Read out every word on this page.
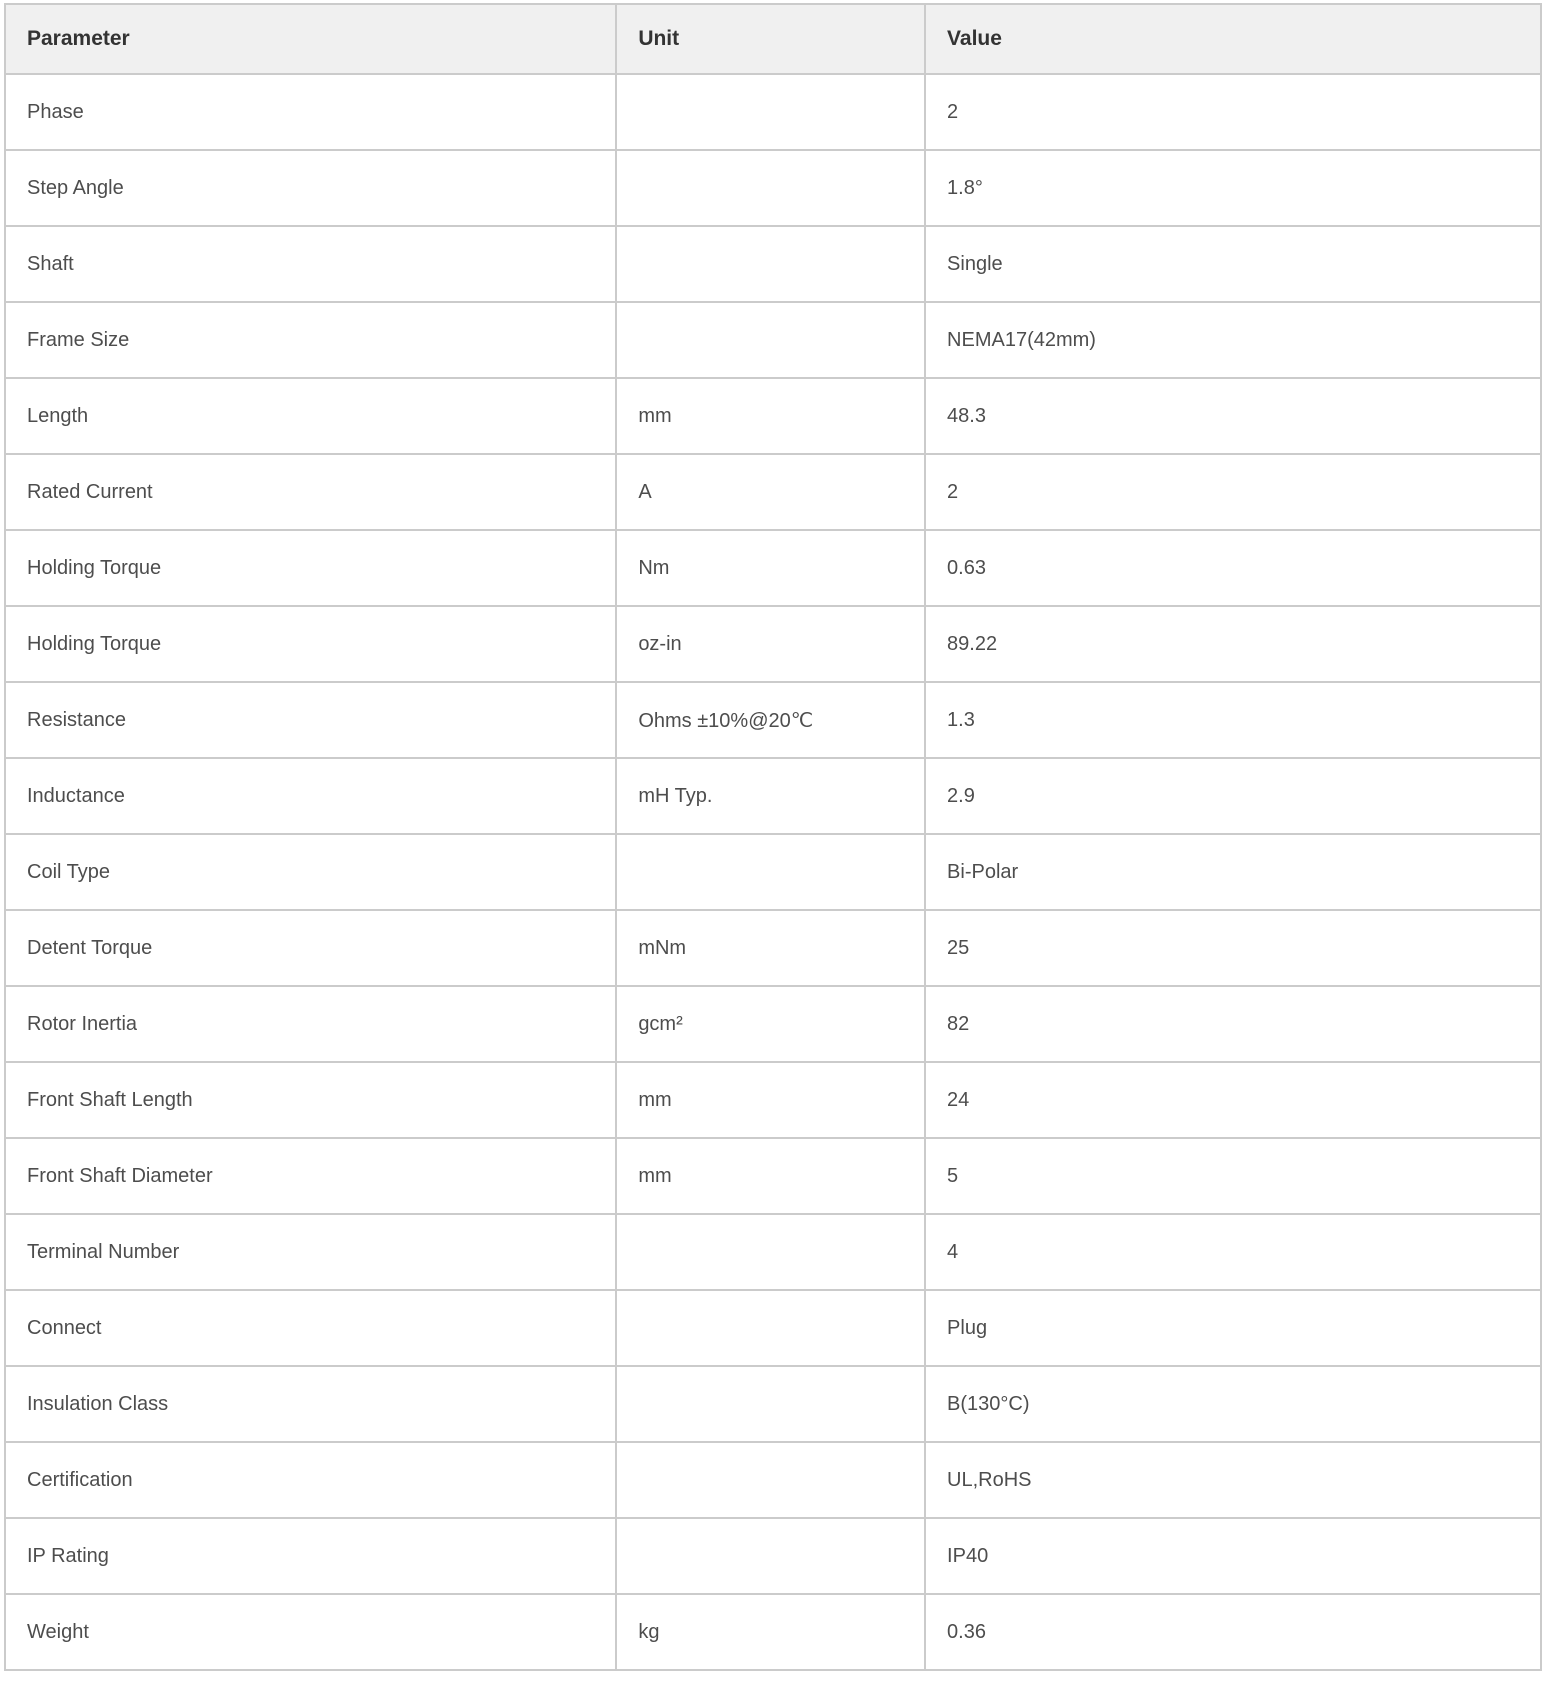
Parameter	Unit	Value
Phase		2
Step Angle		1.8°
Shaft		Single
Frame Size		NEMA17(42mm)
Length	mm	48.3
Rated Current	A	2
Holding Torque	Nm	0.63
Holding Torque	oz-in	89.22
Resistance	Ohms ±10%@20℃	1.3
Inductance	mH Typ.	2.9
Coil Type		Bi-Polar
Detent Torque	mNm	25
Rotor Inertia	gcm²	82
Front Shaft Length	mm	24
Front Shaft Diameter	mm	5
Terminal Number		4
Connect		Plug
Insulation Class		B(130°C)
Certification		UL,RoHS
IP Rating		IP40
Weight	kg	0.36
